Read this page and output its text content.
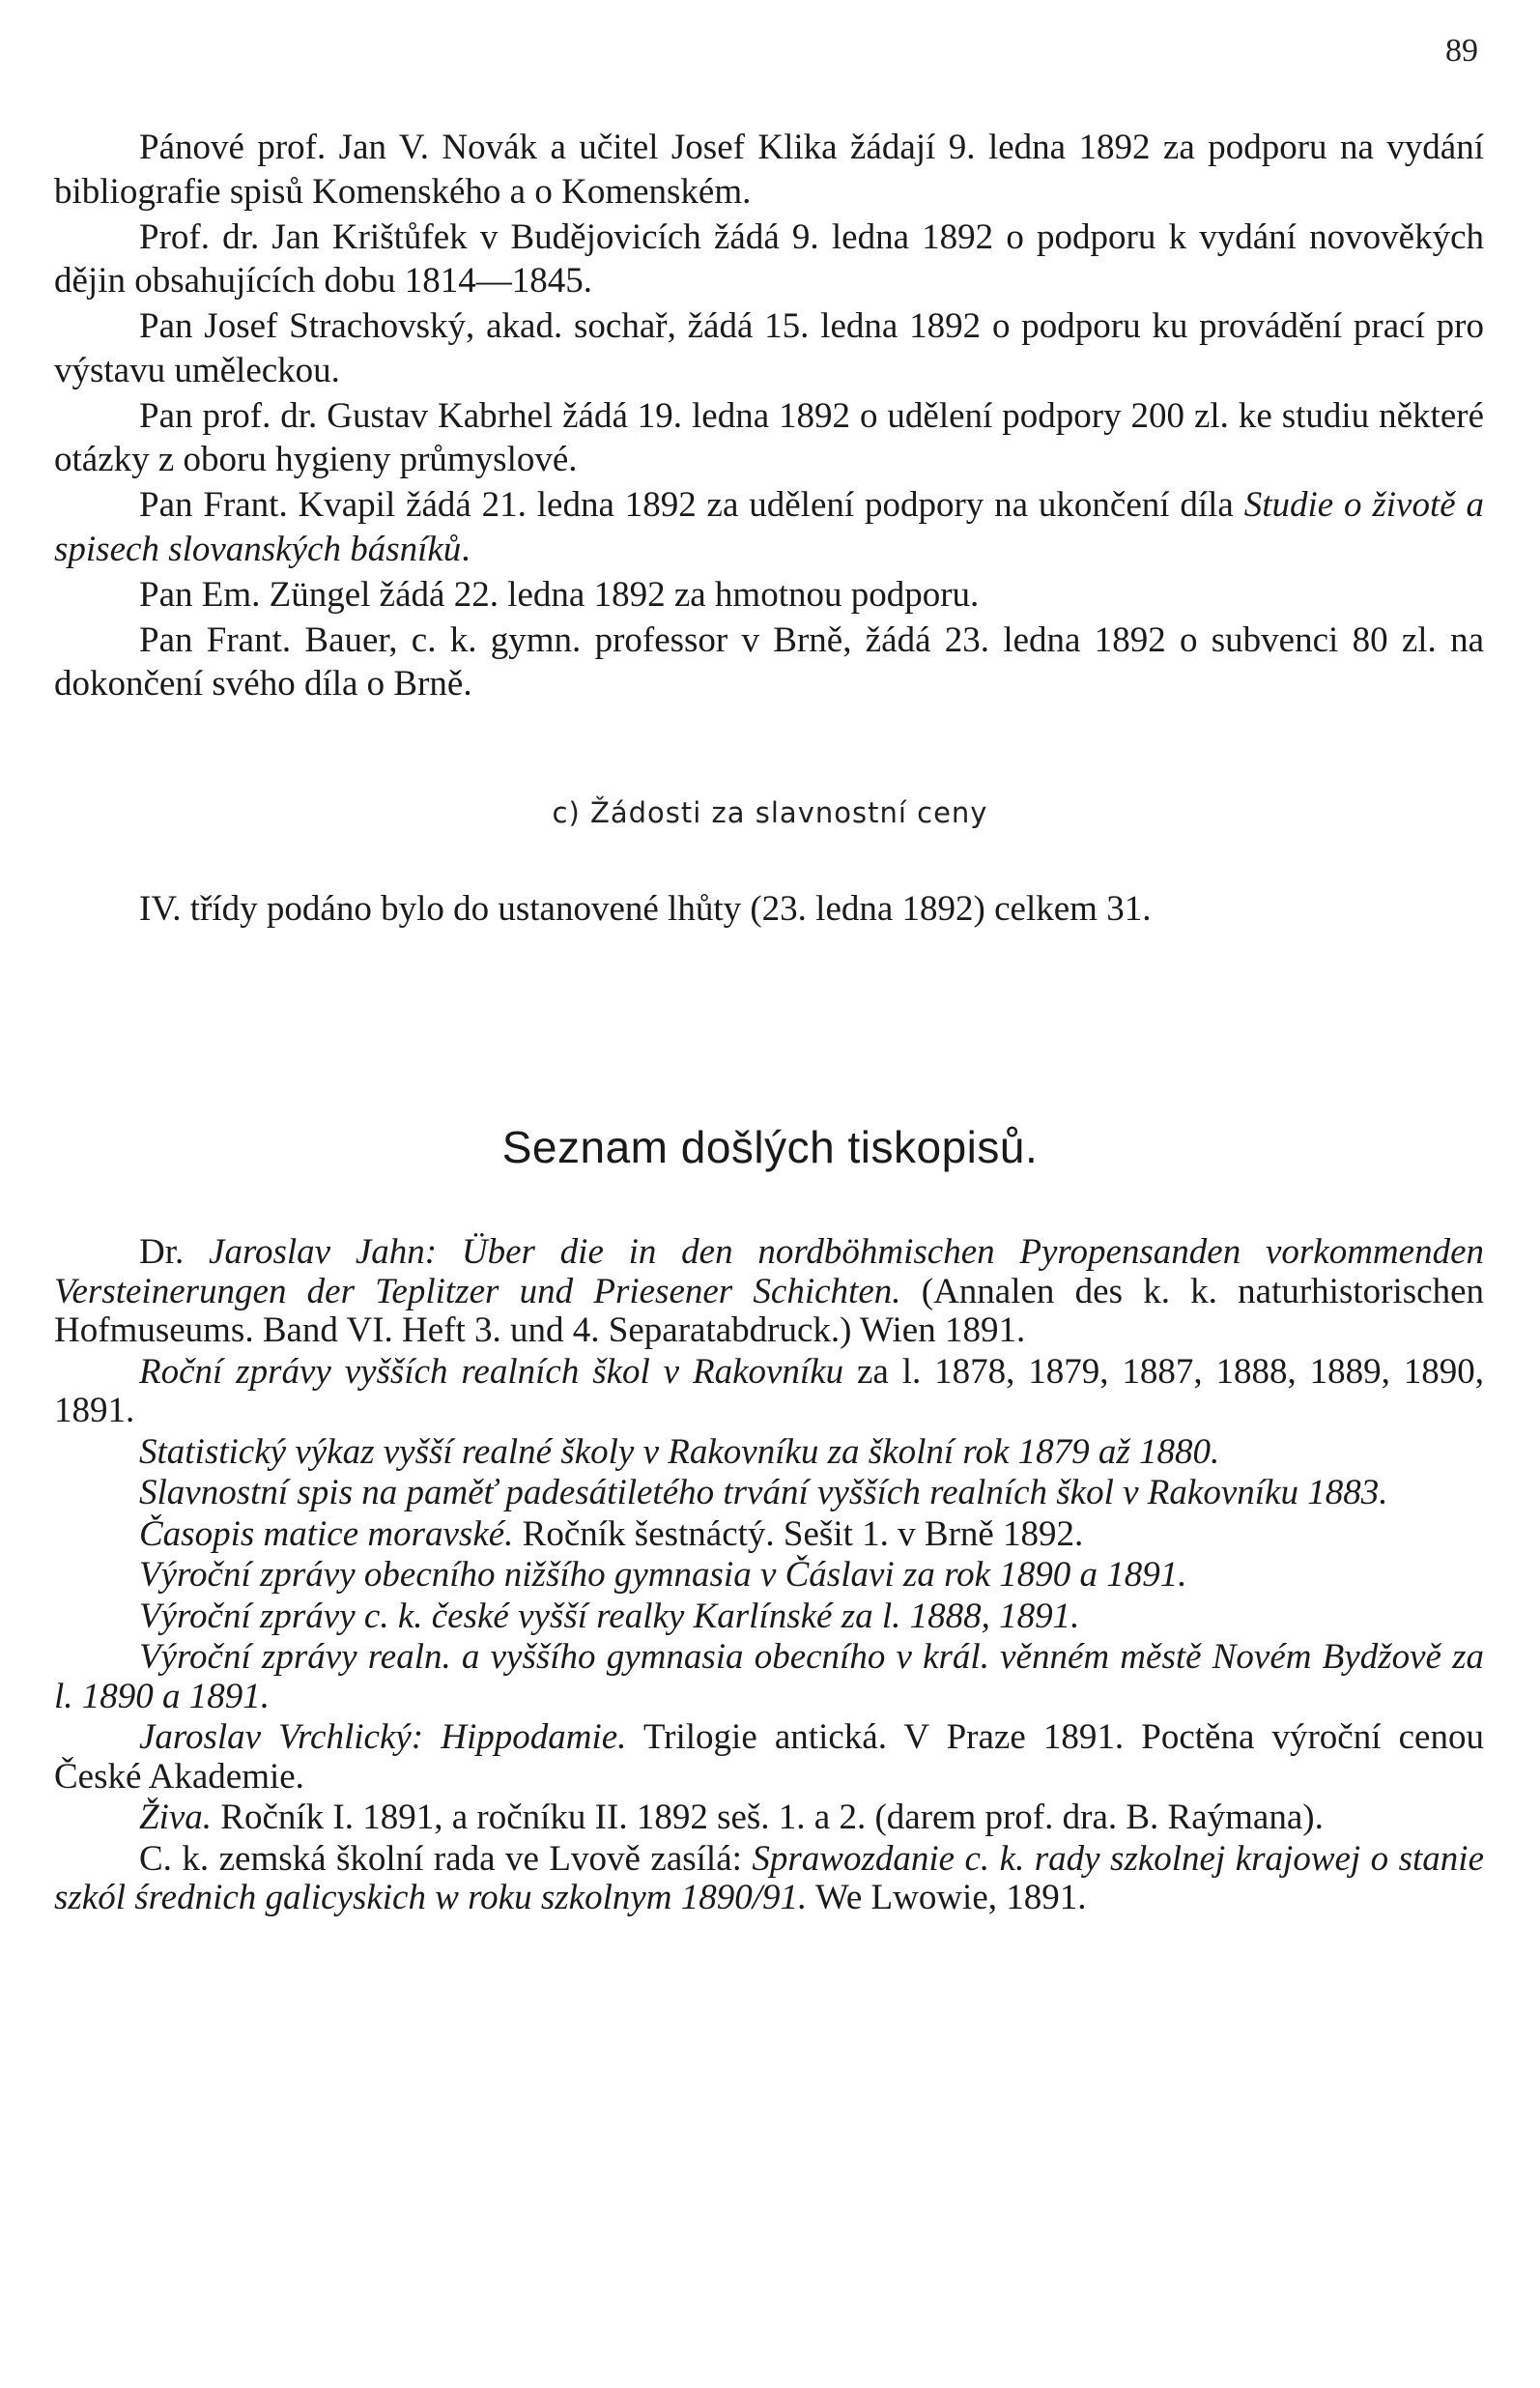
89

Pánové prof. Jan V. Novák a učitel Josef Klika žádají 9. ledna 1892 za podporu na vydání bibliografie spisů Komenského a o Komenském.

Prof. dr. Jan Krištůfek v Budějovicích žádá 9. ledna 1892 o podporu k vydání novověkých dějin obsahujících dobu 1814—1845.

Pan Josef Strachovský, akad. sochař, žádá 15. ledna 1892 o podporu ku provádění prací pro výstavu uměleckou.

Pan prof. dr. Gustav Kabrhel žádá 19. ledna 1892 o udělení podpory 200 zl. ke studiu některé otázky z oboru hygieny průmyslové.

Pan Frant. Kvapil žádá 21. ledna 1892 za udělení podpory na ukončení díla Studie o životě a spisech slovanských básníků.

Pan Em. Züngel žádá 22. ledna 1892 za hmotnou podporu.

Pan Frant. Bauer, c. k. gymn. professor v Brně, žádá 23. ledna 1892 o subvenci 80 zl. na dokončení svého díla o Brně.

c) Žádosti za slavnostní ceny

IV. třídy podáno bylo do ustanovené lhůty (23. ledna 1892) celkem 31.

Seznam došlých tiskopisů.

Dr. Jaroslav Jahn: Über die in den nordböhmischen Pyropensanden vorkommenden Versteinerungen der Teplitzer und Priesener Schichten. (Annalen des k. k. naturhistorischen Hofmuseums. Band VI. Heft 3. und 4. Separatabdruck.) Wien 1891.

Roční zprávy vyšších realních škol v Rakovníku za l. 1878, 1879, 1887, 1888, 1889, 1890, 1891.

Statistický výkaz vyšší realné školy v Rakovníku za školní rok 1879 až 1880.

Slavnostní spis na paměť padesátiletého trvání vyšších realních škol v Rakovníku 1883.

Časopis matice moravské. Ročník šestnáctý. Sešit 1. v Brně 1892.

Výroční zprávy obecního nižšího gymnasia v Čáslavi za rok 1890 a 1891.

Výroční zprávy c. k. české vyšší realky Karlínské za l. 1888, 1891.

Výroční zprávy realn. a vyššího gymnasia obecního v král. věnném městě Novém Bydžově za l. 1890 a 1891.

Jaroslav Vrchlický: Hippodamie. Trilogie antická. V Praze 1891. Poctěna výroční cenou České Akademie.

Živa. Ročník I. 1891, a ročníku II. 1892 seš. 1. a 2. (darem prof. dra. B. Raýmana).

C. k. zemská školní rada ve Lvově zasílá: Sprawozdanie c. k. rady szkolnej krajowej o stanie szkól średnich galicyskich w roku szkolnym 1890/91. We Lwowie, 1891.
